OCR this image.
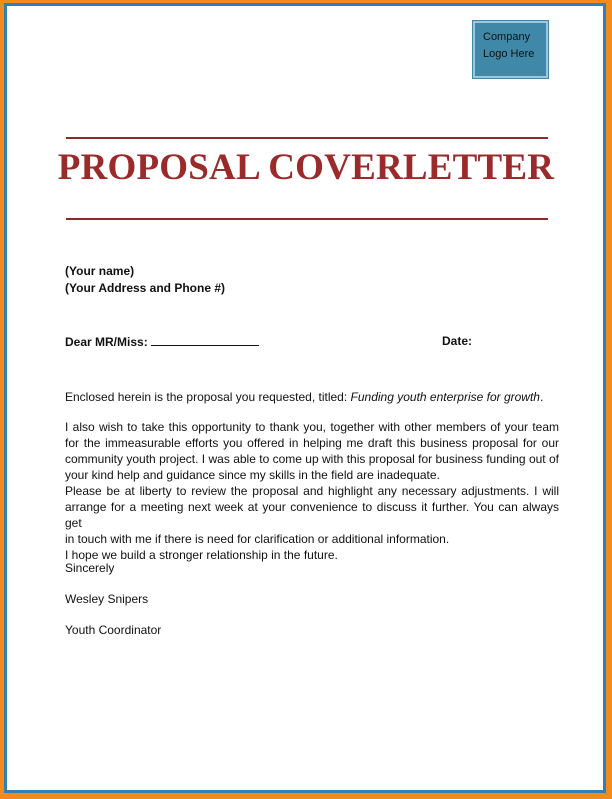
Company
Logo Here
PROPOSAL COVERLETTER
(Your name)
(Your Address and Phone #)
Dear MR/Miss:	Date:
Enclosed herein is the proposal you requested, titled: Funding youth enterprise for growth.
I also wish to take this opportunity to thank you, together with other members of your team
for the immeasurable efforts you offered in helping me draft this business proposal for our
community youth project. I was able to come up with this proposal for business funding out of
your kind help and guidance since my skills in the field are inadequate.
Please be at liberty to review the proposal and highlight any necessary adjustments. I will
arrange for a meeting next week at your convenience to discuss it further. You can always get
in touch with me if there is need for clarification or additional information.
I hope we build a stronger relationship in the future.
Sincerely
Wesley Snipers
Youth Coordinator
